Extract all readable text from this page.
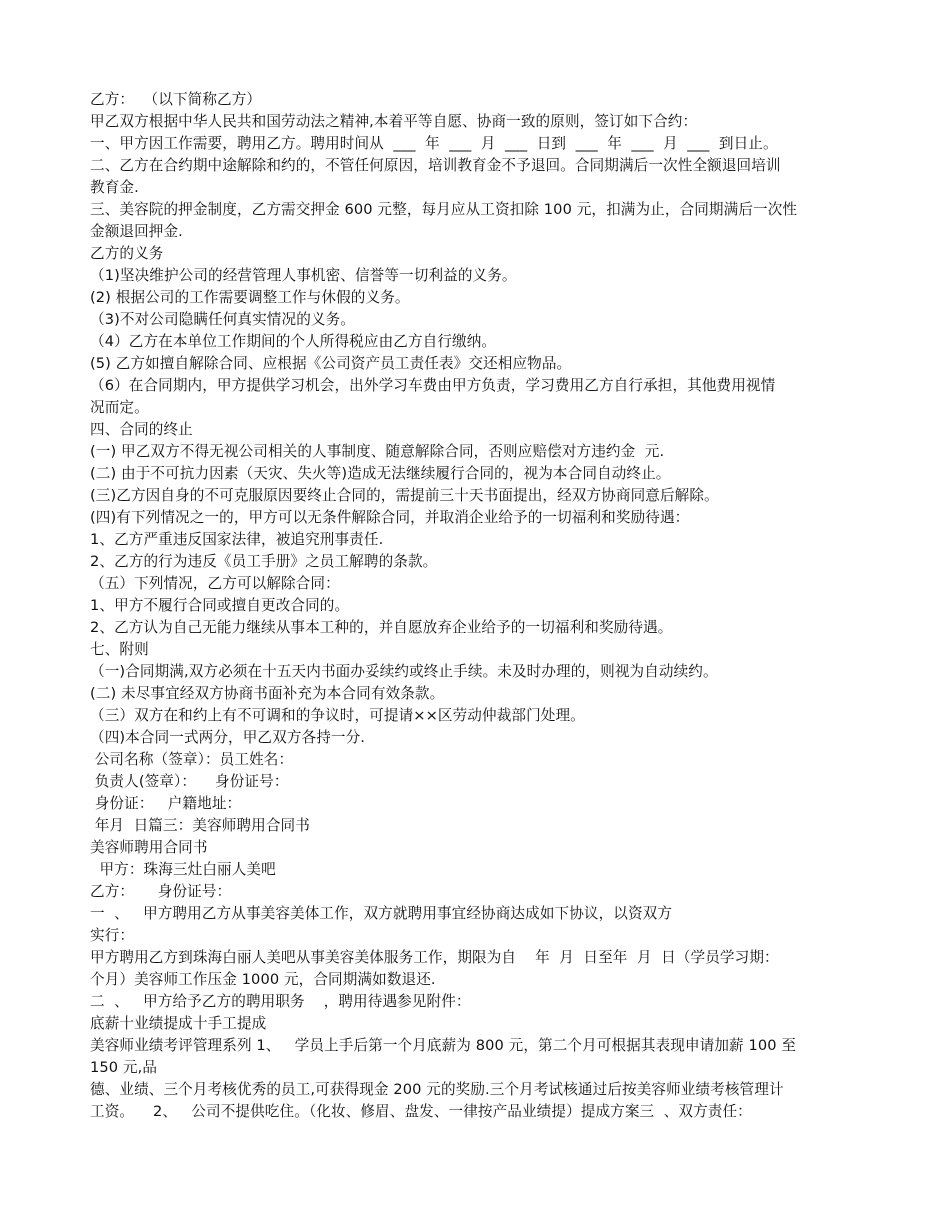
乙方：  （以下简称乙方）
甲乙双方根据中华人民共和国劳动法之精神,本着平等自愿、协商一致的原则，签订如下合约：
一、甲方因工作需要，聘用乙方。聘用时间从  ___  年  ___  月  ___  日到  ___  年  ___  月  ___  到日止。
二、乙方在合约期中途解除和约的，不管任何原因，培训教育金不予退回。合同期满后一次性全额退回培训
教育金.
三、美容院的押金制度，乙方需交押金 600 元整，每月应从工资扣除 100 元，扣满为止，合同期满后一次性
金额退回押金.
乙方的义务
（1)坚决维护公司的经营管理人事机密、信誉等一切利益的义务。
(2) 根据公司的工作需要调整工作与休假的义务。
（3)不对公司隐瞒任何真实情况的义务。
（4）乙方在本单位工作期间的个人所得税应由乙方自行缴纳。
(5) 乙方如擅自解除合同、应根据《公司资产员工责任表》交还相应物品。
（6）在合同期内，甲方提供学习机会，出外学习车费由甲方负责，学习费用乙方自行承担，其他费用视情
况而定。
四、合同的终止
(一) 甲乙双方不得无视公司相关的人事制度、随意解除合同，否则应赔偿对方违约金  元.
(二) 由于不可抗力因素（天灾、失火等)造成无法继续履行合同的，视为本合同自动终止。
(三)乙方因自身的不可克服原因要终止合同的，需提前三十天书面提出，经双方协商同意后解除。
(四)有下列情况之一的，甲方可以无条件解除合同，并取消企业给予的一切福利和奖励待遇：
1、乙方严重违反国家法律，被追究刑事责任.
2、乙方的行为违反《员工手册》之员工解聘的条款。
（五）下列情况，乙方可以解除合同：
1、甲方不履行合同或擅自更改合同的。
2、乙方认为自己无能力继续从事本工种的，并自愿放弃企业给予的一切福利和奖励待遇。
七、附则
（一)合同期满,双方必须在十五天内书面办妥续约或终止手续。未及时办理的，则视为自动续约。
(二) 未尽事宜经双方协商书面补充为本合同有效条款。
（三）双方在和约上有不可调和的争议时，可提请××区劳动仲裁部门处理。
（四)本合同一式两分，甲乙双方各持一分.
公司名称（签章）：员工姓名：
负责人(签章）：    身份证号：
身份证：   户籍地址：
年月  日篇三：美容师聘用合同书
美容师聘用合同书
甲方：珠海三灶白丽人美吧
乙方：     身份证号：
一  、   甲方聘用乙方从事美容美体工作，双方就聘用事宜经协商达成如下协议，以资双方
实行：
甲方聘用乙方到珠海白丽人美吧从事美容美体服务工作，期限为自    年  月  日至年  月  日（学员学习期：
个月）美容师工作压金 1000 元，合同期满如数退还.
二  、   甲方给予乙方的聘用职务    ，聘用待遇参见附件：
底薪十业绩提成十手工提成
美容师业绩考评管理系列 1、   学员上手后第一个月底薪为 800 元，第二个月可根据其表现申请加薪 100 至
150 元,品
德、业绩、三个月考核优秀的员工,可获得现金 200 元的奖励.三个月考试核通过后按美容师业绩考核管理计
工资。    2、   公司不提供吃住。（化妆、修眉、盘发、一律按产品业绩提）提成方案三  、双方责任：
